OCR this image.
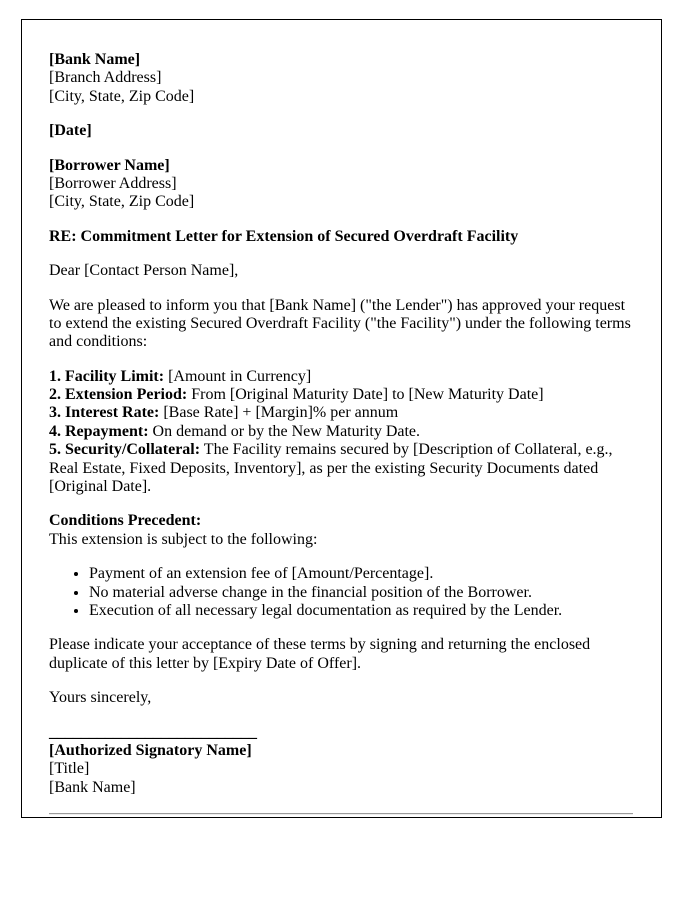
[Bank Name]
[Branch Address]
[City, State, Zip Code]

[Date]

[Borrower Name]
[Borrower Address]
[City, State, Zip Code]

RE: Commitment Letter for Extension of Secured Overdraft Facility

Dear [Contact Person Name],

We are pleased to inform you that [Bank Name] ("the Lender") has approved your request to extend the existing Secured Overdraft Facility ("the Facility") under the following terms and conditions:

1. Facility Limit: [Amount in Currency]
2. Extension Period: From [Original Maturity Date] to [New Maturity Date]
3. Interest Rate: [Base Rate] + [Margin]% per annum
4. Repayment: On demand or by the New Maturity Date.
5. Security/Collateral: The Facility remains secured by [Description of Collateral, e.g., Real Estate, Fixed Deposits, Inventory], as per the existing Security Documents dated [Original Date].
Conditions Precedent:
This extension is subject to the following:
• Payment of an extension fee of [Amount/Percentage].
• No material adverse change in the financial position of the Borrower.
• Execution of all necessary legal documentation as required by the Lender.

Please indicate your acceptance of these terms by signing and returning the enclosed duplicate of this letter by [Expiry Date of Offer].

Yours sincerely,

__________________________
[Authorized Signatory Name]
[Title]
[Bank Name]
